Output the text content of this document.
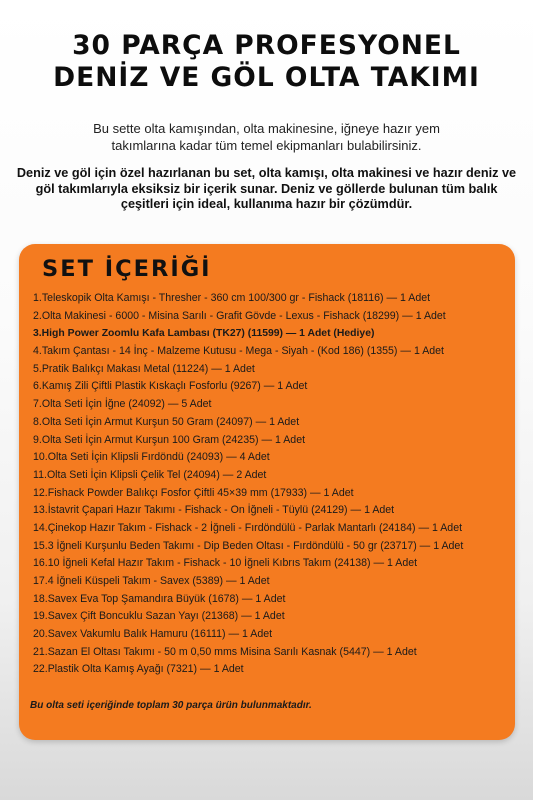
30 PARÇA PROFESYONEL
DENİZ VE GÖL OLTA TAKIMI
Bu sette olta kamışından, olta makinesine, iğneye hazır yem takımlarına kadar tüm temel ekipmanları bulabilirsiniz.
Deniz ve göl için özel hazırlanan bu set, olta kamışı, olta makinesi ve hazır deniz ve göl takımlarıyla eksiksiz bir içerik sunar. Deniz ve göllerde bulunan tüm balık çeşitleri için ideal, kullanıma hazır bir çözümdür.
SET İÇERİĞİ
1.Teleskopik Olta Kamışı - Thresher - 360 cm 100/300 gr - Fishack (18116) — 1 Adet
2.Olta Makinesi - 6000 - Misina Sarılı - Grafit Gövde - Lexus - Fishack (18299) — 1 Adet
3.High Power Zoomlu Kafa Lambası (TK27) (11599) — 1 Adet (Hediye)
4.Takım Çantası - 14 İnç - Malzeme Kutusu - Mega - Siyah - (Kod 186) (1355) — 1 Adet
5.Pratik Balıkçı Makası Metal (11224) — 1 Adet
6.Kamış Zili Çiftli Plastik Kıskaçlı Fosforlu (9267) — 1 Adet
7.Olta Seti İçin İğne (24092) — 5 Adet
8.Olta Seti İçin Armut Kurşun 50 Gram (24097) — 1 Adet
9.Olta Seti İçin Armut Kurşun 100 Gram (24235) — 1 Adet
10.Olta Seti İçin Klipsli Fırdöndü (24093) — 4 Adet
11.Olta Seti İçin Klipsli Çelik Tel (24094) — 2 Adet
12.Fishack Powder Balıkçı Fosfor Çiftli 45×39 mm (17933) — 1 Adet
13.İstavrit Çapari Hazır Takımı - Fishack - On İğneli - Tüylü (24129) — 1 Adet
14.Çinekop Hazır Takım - Fishack - 2 İğneli - Fırdöndülü - Parlak Mantarlı (24184) — 1 Adet
15.3 İğneli Kurşunlu Beden Takımı - Dip Beden Oltası - Fırdöndülü - 50 gr (23717) — 1 Adet
16.10 İğneli Kefal Hazır Takım - Fishack - 10 İğneli Kıbrıs Takım (24138) — 1 Adet
17.4 İğneli Küspeli Takım - Savex (5389) — 1 Adet
18.Savex Eva Top Şamandıra Büyük (1678) — 1 Adet
19.Savex Çift Boncuklu Sazan Yayı (21368) — 1 Adet
20.Savex Vakumlu Balık Hamuru (16111) — 1 Adet
21.Sazan El Oltası Takımı - 50 m 0,50 mms Misina Sarılı Kasnak (5447) — 1 Adet
22.Plastik Olta Kamış Ayağı (7321) — 1 Adet
Bu olta seti içeriğinde toplam 30 parça ürün bulunmaktadır.
